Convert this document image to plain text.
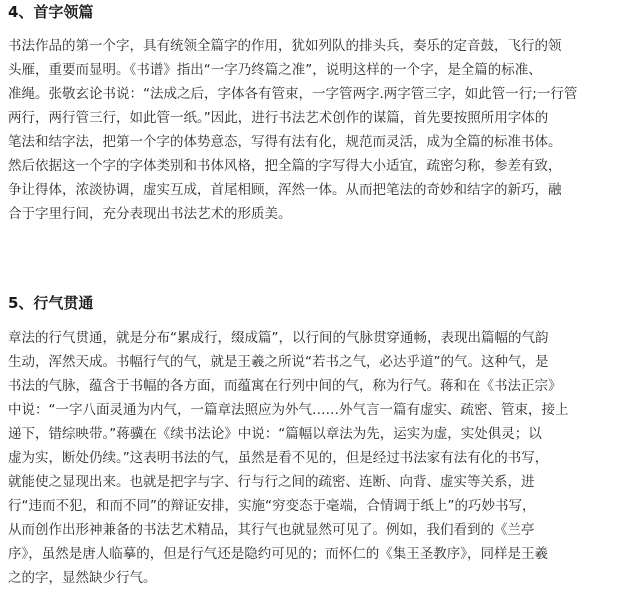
4、首字领篇
书法作品的第一个字，具有统领全篇字的作用，犹如列队的排头兵，奏乐的定音鼓，飞行的领
头雁，重要而显明。《书谱》指出“一字乃终篇之准”，说明这样的一个字，是全篇的标准、
准绳。张敬玄论书说：“法成之后，字体各有管束，一字管两字.两字管三字，如此管一行;一行管
两行，两行管三行，如此管一纸。”因此，进行书法艺术创作的谋篇，首先要按照所用字体的
笔法和结字法，把第一个字的体势意态，写得有法有化，规范而灵活，成为全篇的标准书体。
然后依据这一个字的字体类别和书体风格，把全篇的字写得大小适宜，疏密匀称，参差有致，
争让得体，浓淡协调，虚实互成，首尾相顾，浑然一体。从而把笔法的奇妙和结字的新巧，融
合于字里行间，充分表现出书法艺术的形质美。
5、行气贯通
章法的行气贯通，就是分布“累成行，缀成篇”，以行间的气脉贯穿通畅，表现出篇幅的气韵
生动，浑然天成。书幅行气的气，就是王羲之所说“若书之气，必达乎道”的气。这种气，是
书法的气脉，蕴含于书幅的各方面，而蕴寓在行列中间的气，称为行气。蒋和在《书法正宗》
中说：“一字八面灵通为内气，一篇章法照应为外气……外气言一篇有虚实、疏密、管束，接上
递下，错综映带。”蒋骥在《续书法论》中说：“篇幅以章法为先，运实为虚，实处俱灵；以
虚为实，断处仍续。”这表明书法的气，虽然是看不见的，但是经过书法家有法有化的书写，
就能使之显现出来。也就是把字与字、行与行之间的疏密、连断、向背、虚实等关系，进
行“违而不犯，和而不同”的辩证安排，实施“穷变态于毫端，合情调于纸上”的巧妙书写，
从而创作出形神兼备的书法艺术精品，其行气也就显然可见了。例如，我们看到的《兰亭
序》，虽然是唐人临摹的，但是行气还是隐约可见的；而怀仁的《集王圣教序》，同样是王羲
之的字，显然缺少行气。
